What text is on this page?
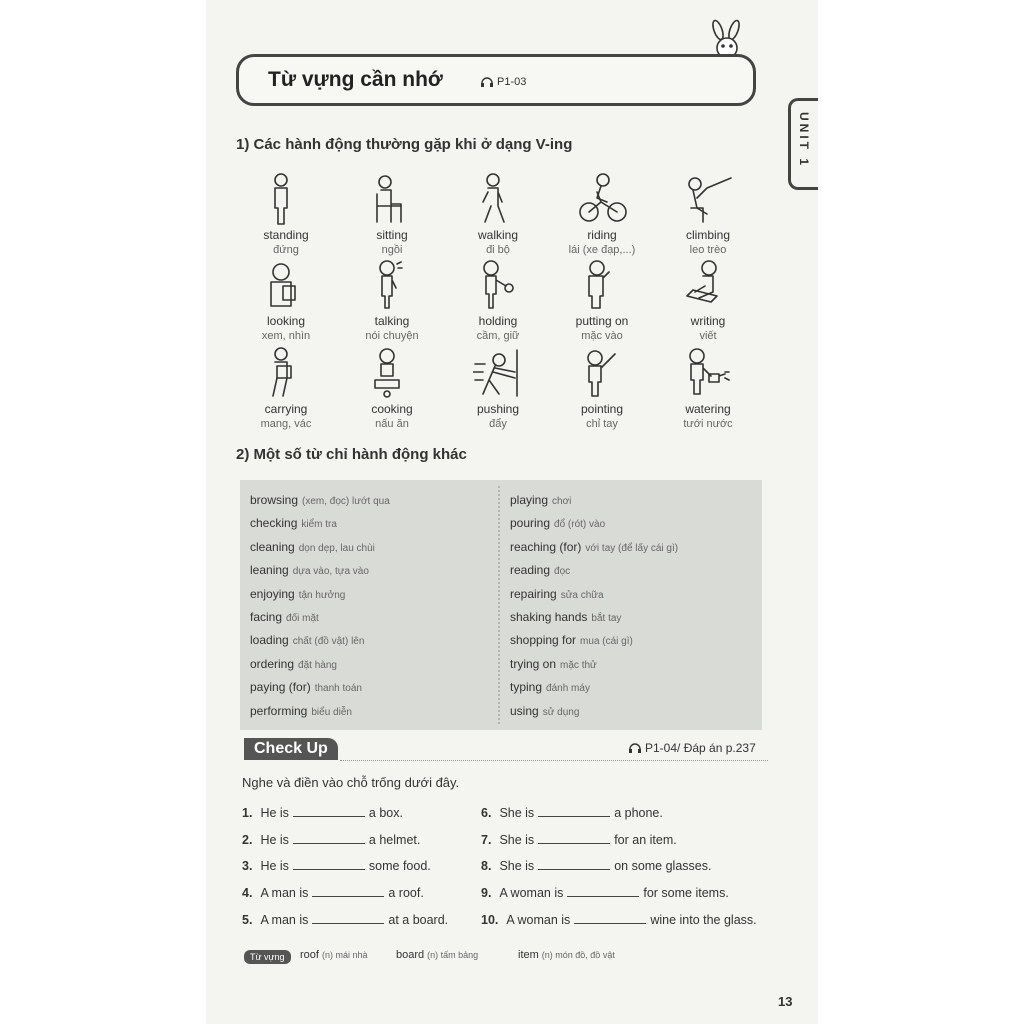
Từ vựng cần nhớ	P1-03
UNIT 1
1) Các hành động thường gặp khi ở dạng V-ing
standing
đứng
sitting
ngồi
walking
đi bộ
riding
lái (xe đạp,...)
climbing
leo trèo
looking
xem, nhìn
talking
nói chuyện
holding
cầm, giữ
putting on
mặc vào
writing
viết
carrying
mang, vác
cooking
nấu ăn
pushing
đẩy
pointing
chỉ tay
watering
tưới nước
2) Một số từ chỉ hành động khác
browsing (xem, đọc) lướt qua
checking kiểm tra
cleaning dọn dẹp, lau chùi
leaning dựa vào, tựa vào
enjoying tận hưởng
facing đối mặt
loading chất (đồ vật) lên
ordering đặt hàng
paying (for) thanh toán
performing biểu diễn
playing chơi
pouring đổ (rót) vào
reaching (for) với tay (để lấy cái gì)
reading đọc
repairing sửa chữa
shaking hands bắt tay
shopping for mua (cái gì)
trying on mặc thử
typing đánh máy
using sử dụng
Check Up	P1-04/ Đáp án p.237
Nghe và điền vào chỗ trống dưới đây.
1. He is	a box.
2. He is	a helmet.
3. He is	some food.
4. A man is	a roof.
5. A man is	at a board.
6. She is	a phone.
7. She is	for an item.
8. She is	on some glasses.
9. A woman is	for some items.
10. A woman is	wine into the glass.
Từ vựng	roof (n) mái nhà	board (n) tấm bảng	item (n) món đồ, đồ vật
13
